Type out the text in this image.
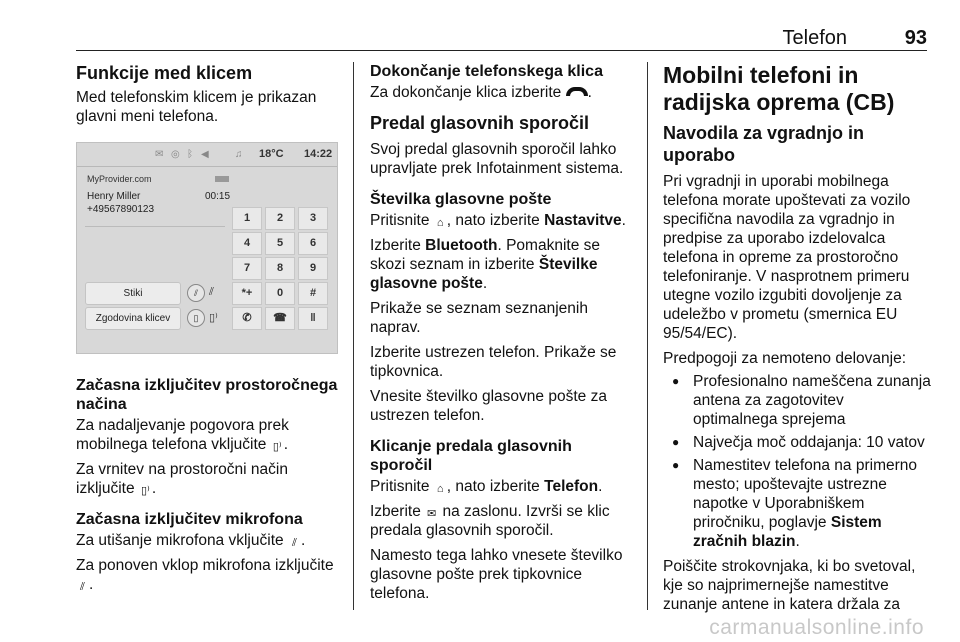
Telefon	93
Funkcije med klicem

Med telefonskim klicem je prikazan glavni meni telefona.

Začasna izključitev prostoročnega načina

Za nadaljevanje pogovora prek mobilnega telefona vključite ▯⁾ .

Za vrnitev na prostoročni način izključite ▯⁾ .

Začasna izključitev mikrofona

Za utišanje mikrofona vključite ⫽ .

Za ponoven vklop mikrofona izključite ⫽ .

✉ ◎ ᛒ ◀	♫ 18°C 14:22
MyProvider.com
Henry Miller
+49567890123
00:15
1	2	3
4	5	6
7	8	9
*+	0	#
✆	☎	‖
Stiki	⫽	⫽
Zgodovina klicev	▯ ▯⁾
Dokončanje telefonskega klica

Za dokončanje klica izberite .

Predal glasovnih sporočil

Svoj predal glasovnih sporočil lahko upravljate prek Infotainment sistema.

Številka glasovne pošte

Pritisnite ⌂ , nato izberite Nastavitve.

Izberite Bluetooth. Pomaknite se skozi seznam in izberite Številke glasovne pošte.

Prikaže se seznam seznanjenih naprav.

Izberite ustrezen telefon. Prikaže se tipkovnica.

Vnesite številko glasovne pošte za ustrezen telefon.

Klicanje predala glasovnih sporočil

Pritisnite ⌂ , nato izberite Telefon.

Izberite ✉ na zaslonu. Izvrši se klic predala glasovnih sporočil.

Namesto tega lahko vnesete številko glasovne pošte prek tipkovnice telefona.

Mobilni telefoni in radijska oprema (CB)
Navodila za vgradnjo in uporabo

Pri vgradnji in uporabi mobilnega telefona morate upoštevati za vozilo specifična navodila za vgradnjo in predpise za uporabo izdelovalca telefona in opreme za prostoročno telefoniranje. V nasprotnem primeru utegne vozilo izgubiti dovoljenje za udeležbo v prometu (smernica EU 95/54/EC).

Predpogoji za nemoteno delovanje:

● Profesionalno nameščena zunanja antena za zagotovitev optimalnega sprejema
● Največja moč oddajanja: 10 vatov
● Namestitev telefona na primerno mesto; upoštevajte ustrezne napotke v Uporabniškem priročniku, poglavje Sistem zračnih blazin.

Poiščite strokovnjaka, ki bo svetoval, kje so najprimernejše namestitve zunanje antene in katera držala za

carmanualsonline.info
